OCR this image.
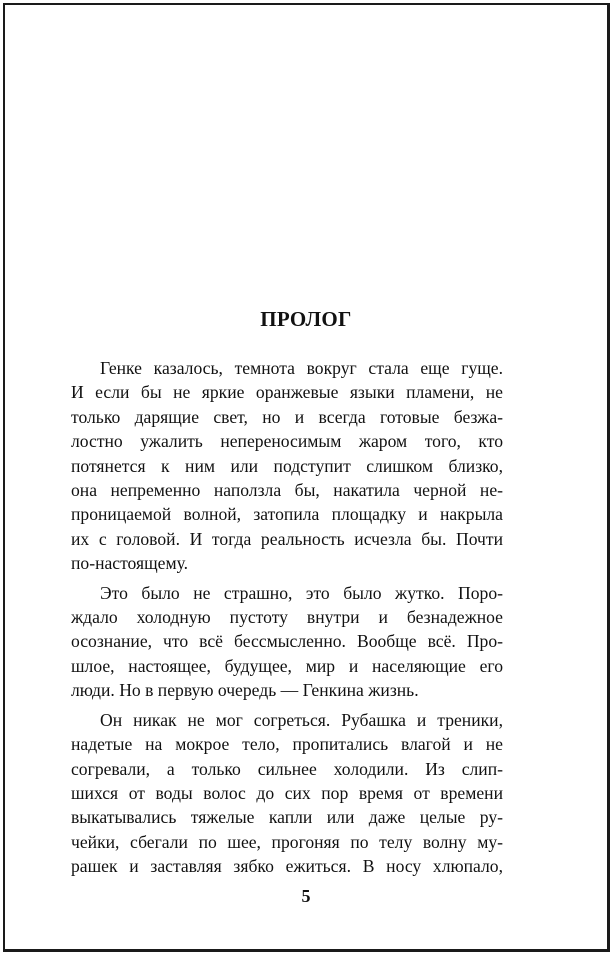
ПРОЛОГ

Генке казалось, темнота вокруг стала еще гуще.
И если бы не яркие оранжевые языки пламени, не
только дарящие свет, но и всегда готовые безжа-
лостно ужалить непереносимым жаром того, кто
потянется к ним или подступит слишком близко,
она непременно наползла бы, накатила черной не-
проницаемой волной, затопила площадку и накрыла
их с головой. И тогда реальность исчезла бы. Почти
по-настоящему.

Это было не страшно, это было жутко. Поро-
ждало холодную пустоту внутри и безнадежное
осознание, что всё бессмысленно. Вообще всё. Про-
шлое, настоящее, будущее, мир и населяющие его
люди. Но в первую очередь — Генкина жизнь.

Он никак не мог согреться. Рубашка и треники,
надетые на мокрое тело, пропитались влагой и не
согревали, а только сильнее холодили. Из слип-
шихся от воды волос до сих пор время от времени
выкатывались тяжелые капли или даже целые ру-
чейки, сбегали по шее, прогоняя по телу волну му-
рашек и заставляя зябко ежиться. В носу хлюпало,

5
